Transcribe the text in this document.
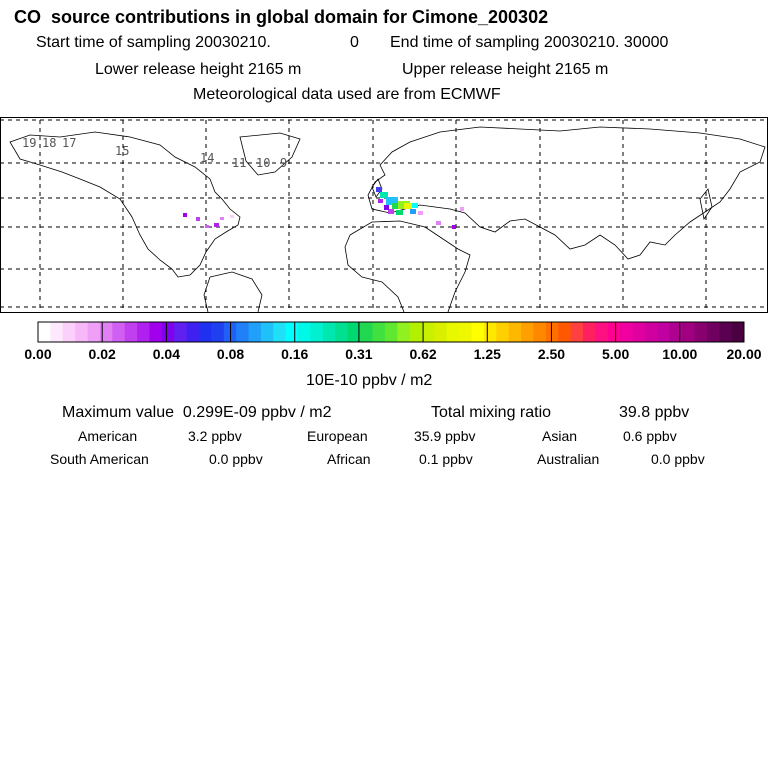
CO  source contributions in global domain for Cimone_200302
Start time of sampling 20030210.	0 End time of sampling 20030210. 30000
Lower release height 2165 m	Upper release height 2165 m
Meteorological data used are from ECMWF
19 18 17
15	14 11 10 9
0.00	0.02	0.04	0.08	0.16	0.31	0.62	1.25	2.50	5.00 10.00 20.00
10E-10 ppbv / m2
Maximum value  0.299E-09 ppbv / m2	Total mixing ratio	39.8 ppbv
American	3.2 ppbv	European	35.9 ppbv	Asian	0.6 ppbv
South American	0.0 ppbv	African	0.1 ppbv	Australian	0.0 ppbv
